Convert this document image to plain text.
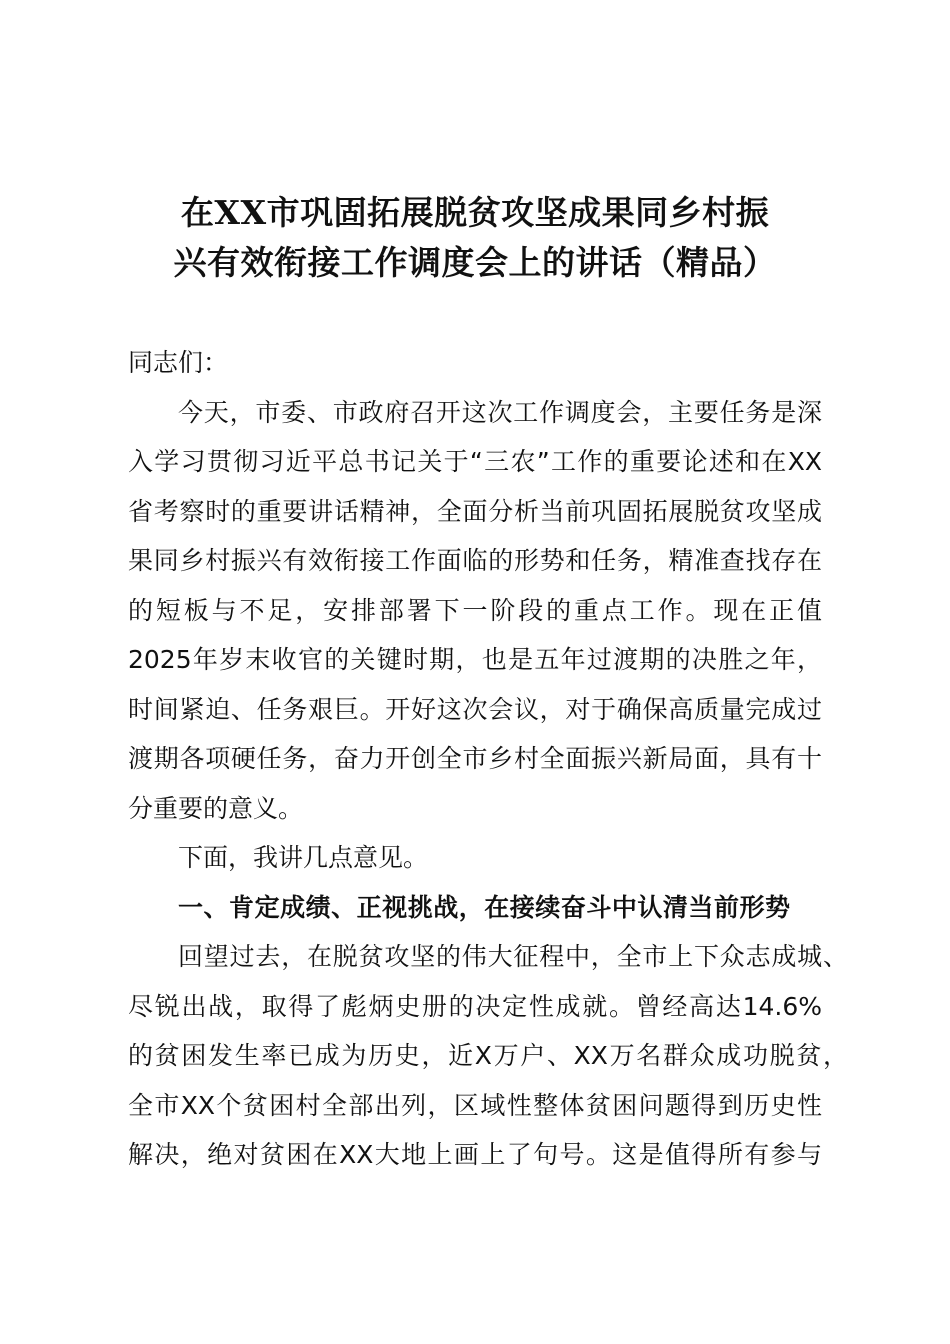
在XX市巩固拓展脱贫攻坚成果同乡村振
兴有效衔接工作调度会上的讲话（精品）
同志们：
今天，市委、市政府召开这次工作调度会，主要任务是深
入学习贯彻习近平总书记关于“三农”工作的重要论述和在XX
省考察时的重要讲话精神，全面分析当前巩固拓展脱贫攻坚成
果同乡村振兴有效衔接工作面临的形势和任务，精准查找存在
的短板与不足，安排部署下一阶段的重点工作。现在正值
2025年岁末收官的关键时期，也是五年过渡期的决胜之年，
时间紧迫、任务艰巨。开好这次会议，对于确保高质量完成过
渡期各项硬任务，奋力开创全市乡村全面振兴新局面，具有十
分重要的意义。
下面，我讲几点意见。
一、肯定成绩、正视挑战，在接续奋斗中认清当前形势
回望过去，在脱贫攻坚的伟大征程中，全市上下众志成城、
尽锐出战，取得了彪炳史册的决定性成就。曾经高达14.6%
的贫困发生率已成为历史，近X万户、XX万名群众成功脱贫，
全市XX个贫困村全部出列，区域性整体贫困问题得到历史性
解决，绝对贫困在XX大地上画上了句号。这是值得所有参与
